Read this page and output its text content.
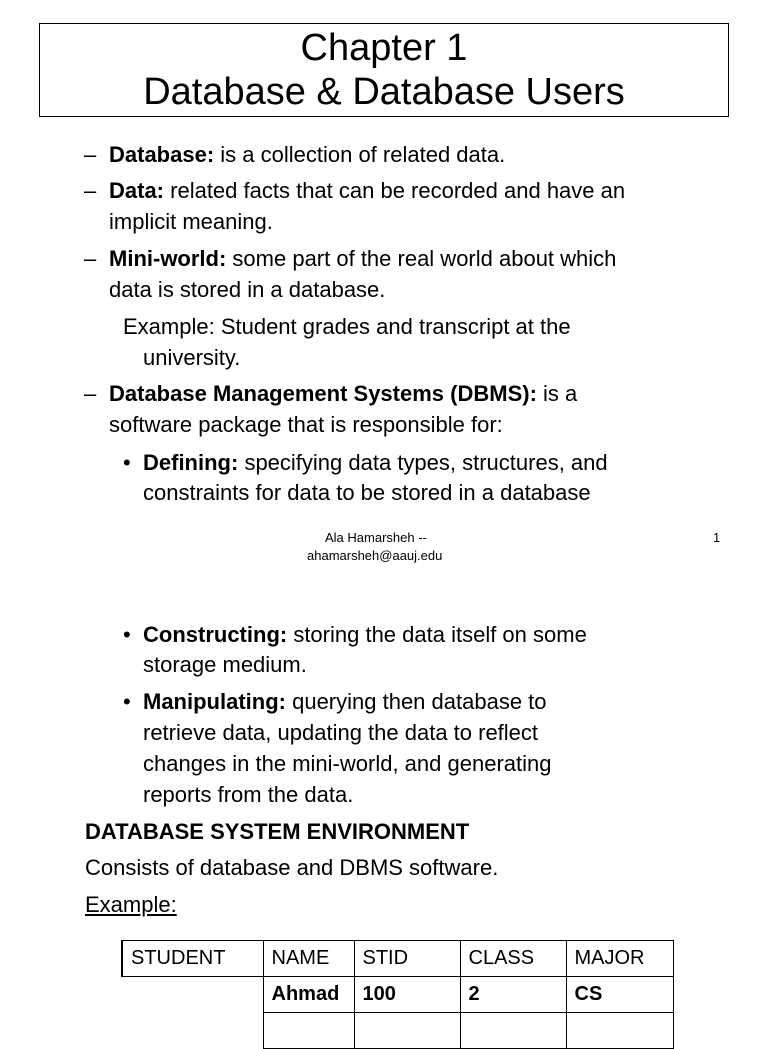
Chapter 1
Database & Database Users
– Database: is a collection of related data.
– Data: related facts that can be recorded and have an
implicit meaning.
– Mini-world: some part of the real world about which
data is stored in a database.
Example: Student grades and transcript at the
university.
– Database Management Systems (DBMS): is a
software package that is responsible for:
• Defining: specifying data types, structures, and
constraints for data to be stored in a database
Ala Hamarsheh --
ahamarsheh@aauj.edu
1
• Constructing: storing the data itself on some
storage medium.
• Manipulating: querying then database to
retrieve data, updating the data to reflect
changes in the mini-world, and generating
reports from the data.
DATABASE SYSTEM ENVIRONMENT
Consists of database and DBMS software.
Example:
STUDENT	NAME	STID	CLASS	MAJOR
	Ahmad	100	2	CS
